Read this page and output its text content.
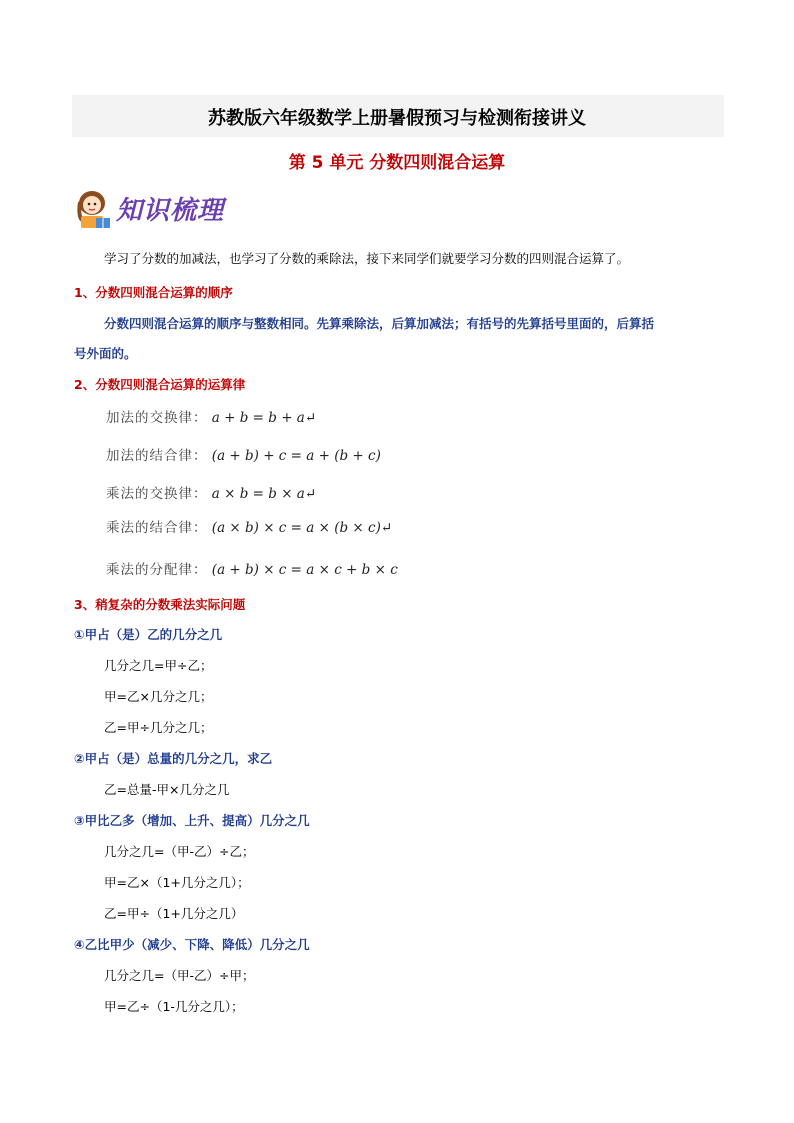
苏教版六年级数学上册暑假预习与检测衔接讲义
第 5 单元 分数四则混合运算
知识梳理
学习了分数的加减法，也学习了分数的乘除法，接下来同学们就要学习分数的四则混合运算了。
1、分数四则混合运算的顺序
分数四则混合运算的顺序与整数相同。先算乘除法，后算加减法；有括号的先算括号里面的，后算括
号外面的。
2、分数四则混合运算的运算律
加法的交换律： a + b = b + a↵
加法的结合律： (a + b) + c = a + (b + c)
乘法的交换律： a × b = b × a↵
乘法的结合律： (a × b) × c = a × (b × c)↵
乘法的分配律： (a + b) × c = a × c + b × c
3、稍复杂的分数乘法实际问题
①甲占（是）乙的几分之几
几分之几=甲÷乙；
甲=乙×几分之几；
乙=甲÷几分之几；
②甲占（是）总量的几分之几，求乙
乙=总量-甲×几分之几
③甲比乙多（增加、上升、提高）几分之几
几分之几=（甲-乙）÷乙；
甲=乙×（1+几分之几）；
乙=甲÷（1+几分之几）
④乙比甲少（减少、下降、降低）几分之几
几分之几=（甲-乙）÷甲；
甲=乙÷（1-几分之几）；
